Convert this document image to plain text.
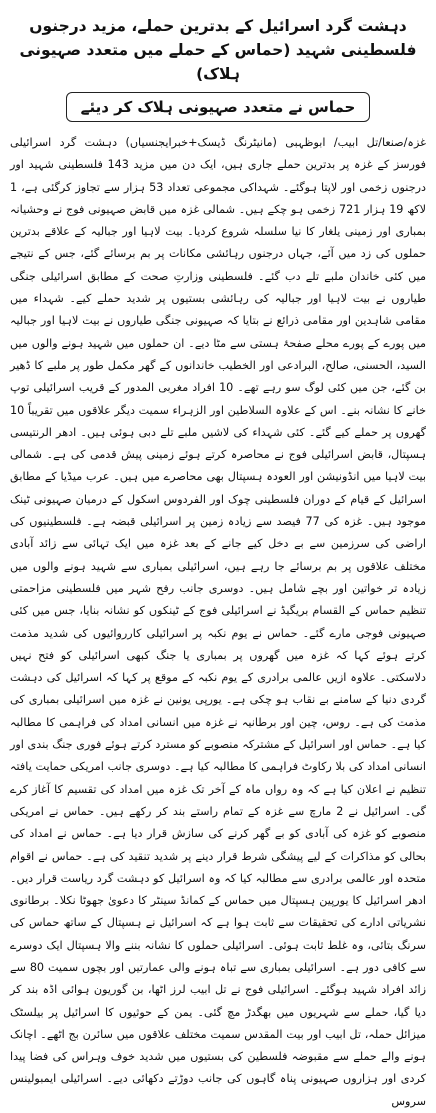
دہشت گرد اسرائیل کے بدترین حملے، مزید درجنوں فلسطینی شہید (حماس کے حملے میں متعدد صہیونی ہلاک)
حماس نے متعدد صہیونی ہلاک کر دیئے

غزہ/صنعا/تل ابیب/ ابوظہبی (مانیٹرنگ ڈیسک+خبرایجنسیاں) دہشت گرد اسرائیلی فورسز کے غزہ پر بدترین حملے جاری ہیں، ایک دن میں مزید 143 فلسطینی شہید اور درجنوں زخمی اور لاپتا ہوگئے۔ شہداکی مجموعی تعداد 53 ہزار سے تجاوز کرگئی ہے، 1 لاکھ 19 ہزار 721 زخمی ہو چکے ہیں۔ شمالی غزہ میں قابض صہیونی فوج نے وحشیانہ بمباری اور زمینی یلغار کا نیا سلسلہ شروع کردیا۔ بیت لاہیا اور جبالیہ کے علاقے بدترین حملوں کی زد میں آئے، جہاں درجنوں رہائشی مکانات پر بم برسائے گئے، جس کے نتیجے میں کئی خاندان ملبے تلے دب گئے۔ فلسطینی وزارتِ صحت کے مطابق اسرائیلی جنگی طیاروں نے بیت لاہیا اور جبالیہ کی رہائشی بستیوں پر شدید حملے کیے۔ شہداء میں مقامی شاہدین اور مقامی ذرائع نے بتایا کہ صہیونی جنگی طیاروں نے بیت لاہیا اور جبالیہ میں پورے کے پورے محلے صفحۂ ہستی سے مٹا دیے۔ ان حملوں میں شہید ہونے والوں میں السید، الحسنی، صالح، البرادعی اور الخطیب خاندانوں کے گھر مکمل طور پر ملبے کا ڈھیر بن گئے، جن میں کئی لوگ سو رہے تھے۔ 10 افراد مغربی المدور کے قریب اسرائیلی توپ خانے کا نشانہ بنے۔ اس کے علاوہ السلاطین اور الزہراء سمیت دیگر علاقوں میں تقریباً 10 گھروں پر حملے کیے گئے۔ کئی شہداء کی لاشیں ملبے تلے دبی ہوئی ہیں۔ ادھر الرنتیسی ہسپتال، قابض اسرائیلی فوج نے محاصرہ کرتے ہوئے زمینی پیش قدمی کی ہے۔ شمالی بیت لاہیا میں انڈونیشن اور العودہ ہسپتال بھی محاصرے میں ہیں۔ عرب میڈیا کے مطابق اسرائیل کے قیام کے دوران فلسطینی چوک اور الفردوس اسکول کے درمیان صہیونی ٹینک موجود ہیں۔ غزہ کی 77 فیصد سے زیادہ زمین پر اسرائیلی قبضہ ہے۔ فلسطینیوں کی اراضی کی سرزمین سے بے دخل کیے جانے کے بعد غزہ میں ایک تہائی سے زائد آبادی مختلف علاقوں پر بم برسائے جا رہے ہیں، اسرائیلی بمباری سے شہید ہونے والوں میں زیادہ تر خواتین اور بچے شامل ہیں۔ دوسری جانب رفح شہر میں فلسطینی مزاحمتی تنظیم حماس کے القسام بریگیڈ نے اسرائیلی فوج کے ٹینکوں کو نشانہ بنایا، جس میں کئی صہیونی فوجی مارے گئے۔ حماس نے یوم نکبہ پر اسرائیلی کارروائیوں کی شدید مذمت کرتے ہوئے کہا کہ غزہ میں گھروں پر بمباری یا جنگ کبھی اسرائیلی کو فتح نہیں دلاسکتی۔ علاوہ ازیں عالمی برادری کے یوم نکبہ کے موقع پر کہا کہ اسرائیل کی دہشت گردی دنیا کے سامنے بے نقاب ہو چکی ہے۔ یورپی یونین نے غزہ میں اسرائیلی بمباری کی مذمت کی ہے۔ روس، چین اور برطانیہ نے غزہ میں انسانی امداد کی فراہمی کا مطالبہ کیا ہے۔ حماس اور اسرائیل کے مشترکہ منصوبے کو مسترد کرتے ہوئے فوری جنگ بندی اور انسانی امداد کی بلا رکاوٹ فراہمی کا مطالبہ کیا ہے۔ دوسری جانب امریکی حمایت یافتہ تنظیم نے اعلان کیا ہے کہ وہ رواں ماہ کے آخر تک غزہ میں امداد کی تقسیم کا آغاز کرے گی۔ اسرائیل نے 2 مارچ سے غزہ کے تمام راستے بند کر رکھے ہیں۔ حماس نے امریکی منصوبے کو غزہ کی آبادی کو بے گھر کرنے کی سازش قرار دیا ہے۔ حماس نے امداد کی بحالی کو مذاکرات کے لیے پیشگی شرط قرار دینے پر شدید تنقید کی ہے۔ حماس نے اقوام متحدہ اور عالمی برادری سے مطالبہ کیا کہ وہ اسرائیل کو دہشت گرد ریاست قرار دیں۔ ادھر اسرائیل کا یورپین ہسپتال میں حماس کے کمانڈ سینٹر کا دعویٰ جھوٹا نکلا۔ برطانوی نشریاتی ادارے کی تحقیقات سے ثابت ہوا ہے کہ اسرائیل نے ہسپتال کے ساتھ حماس کی سرنگ بتائی، وہ غلط ثابت ہوئی۔ اسرائیلی حملوں کا نشانہ بننے والا ہسپتال ایک دوسرے سے کافی دور ہے۔ اسرائیلی بمباری سے تباہ ہونے والی عمارتیں اور بچوں سمیت 80 سے زائد افراد شہید ہوگئے۔ اسرائیلی فوج نے تل ابیب لرز اٹھا، بن گوریون ہوائی اڈہ بند کر دیا گیا، حملے سے شہریوں میں بھگدڑ مچ گئی۔ یمن کے حوثیوں کا اسرائیل پر بیلسٹک میزائل حملہ، تل ابیب اور بیت المقدس سمیت مختلف علاقوں میں سائرن بج اٹھے۔ اچانک ہونے والے حملے سے مقبوضہ فلسطین کی بستیوں میں شدید خوف وہراس کی فضا پیدا کردی اور ہزاروں صہیونی پناہ گاہوں کی جانب دوڑتے دکھائی دیے۔ اسرائیلی ایمبولینس سروس
